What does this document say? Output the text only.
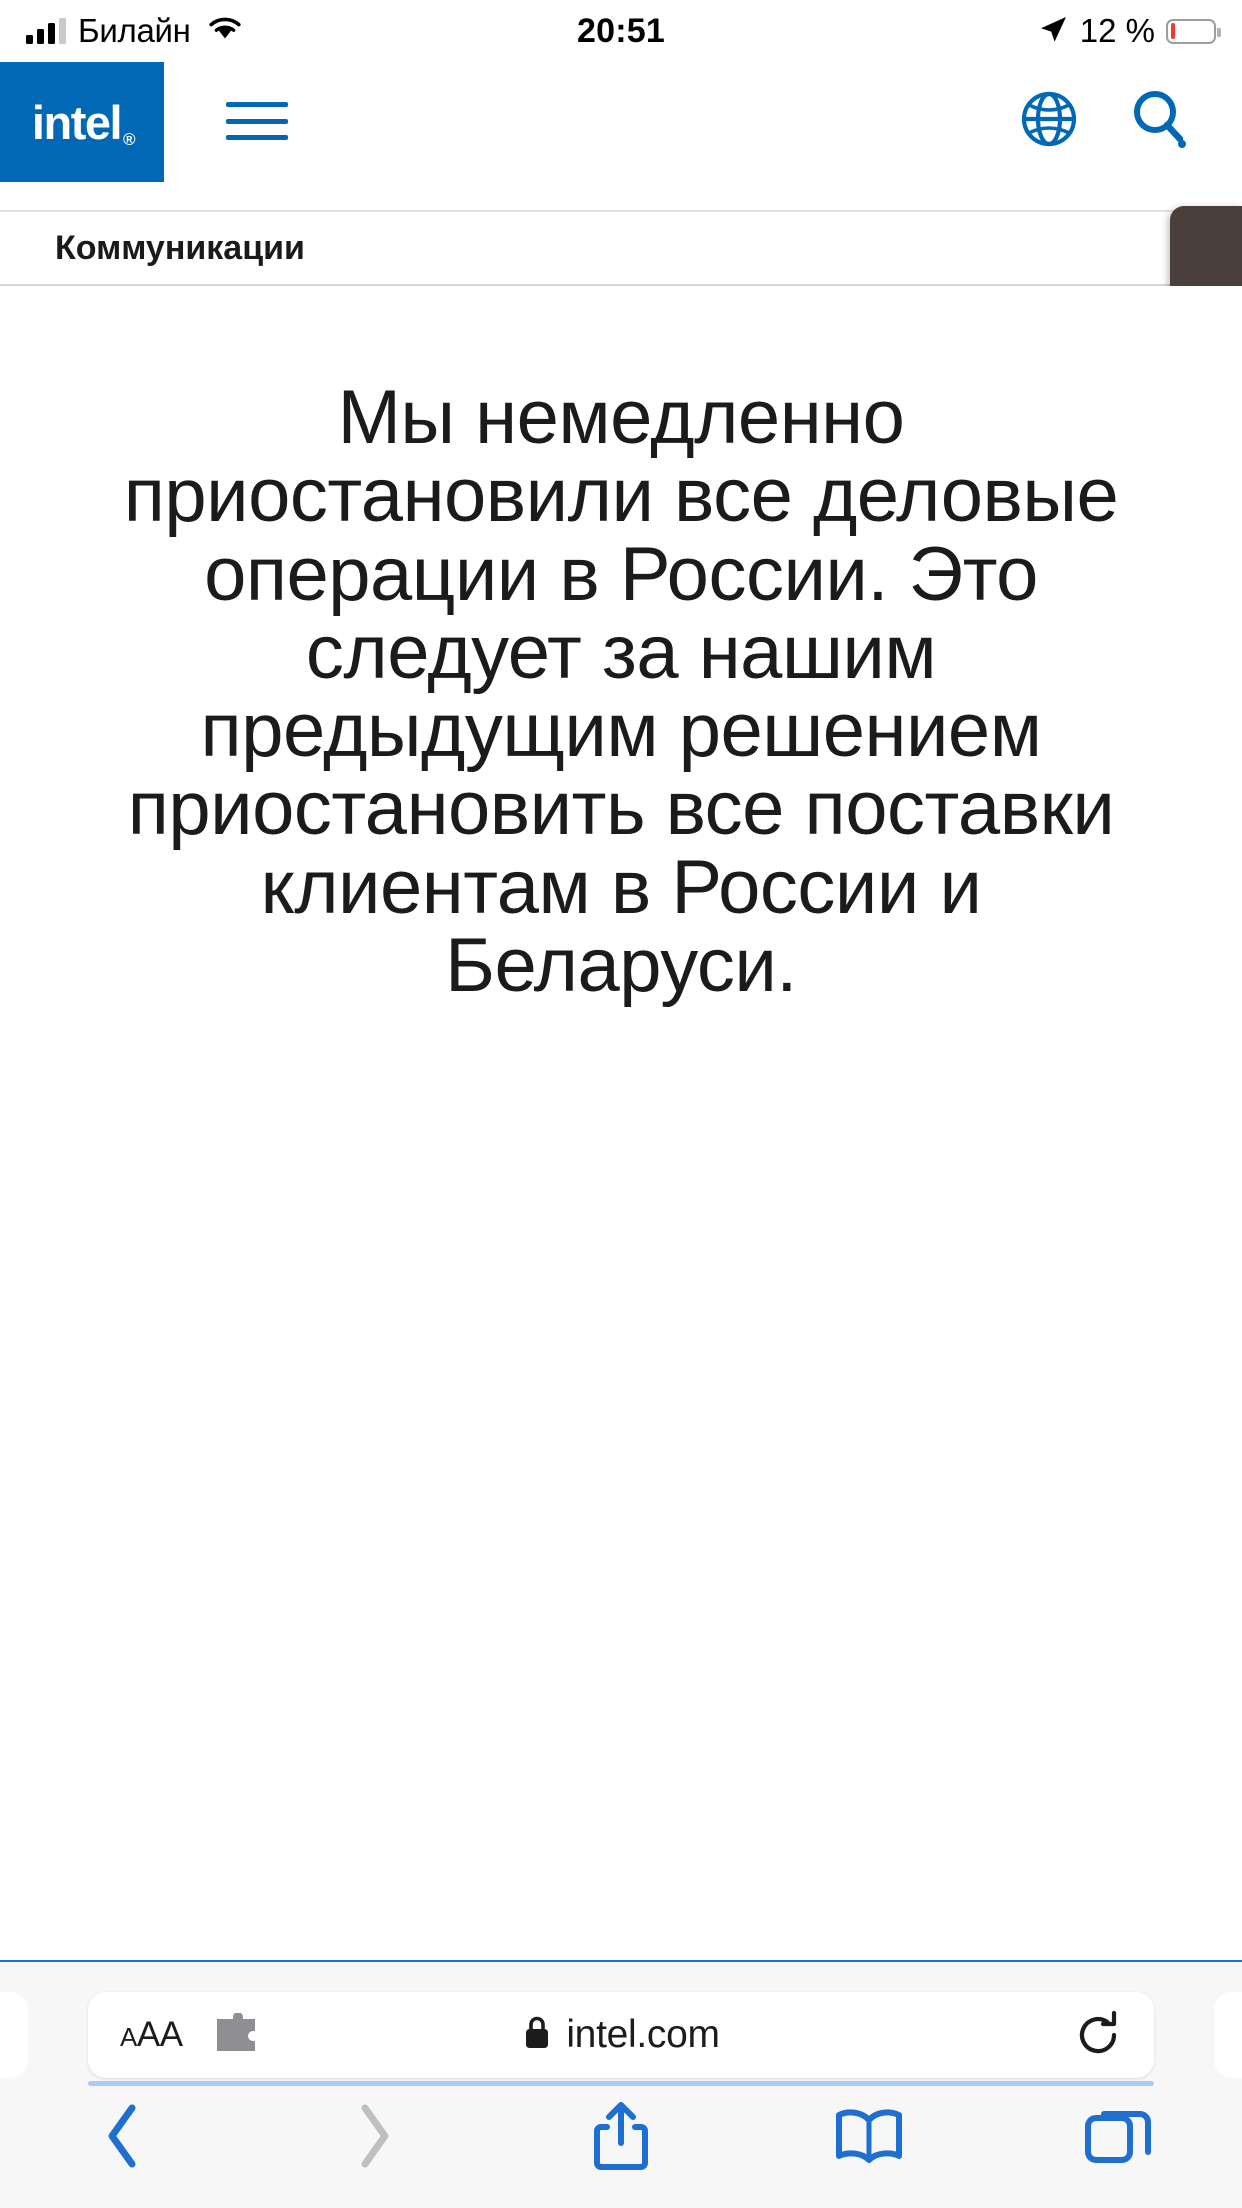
Билайн	20:51	12 %
intel ®
Коммуникации

Мы немедленно приостановили все деловые операции в России. Это следует за нашим предыдущим решением приостановить все поставки клиентам в России и Беларуси.

AAA	intel.com
